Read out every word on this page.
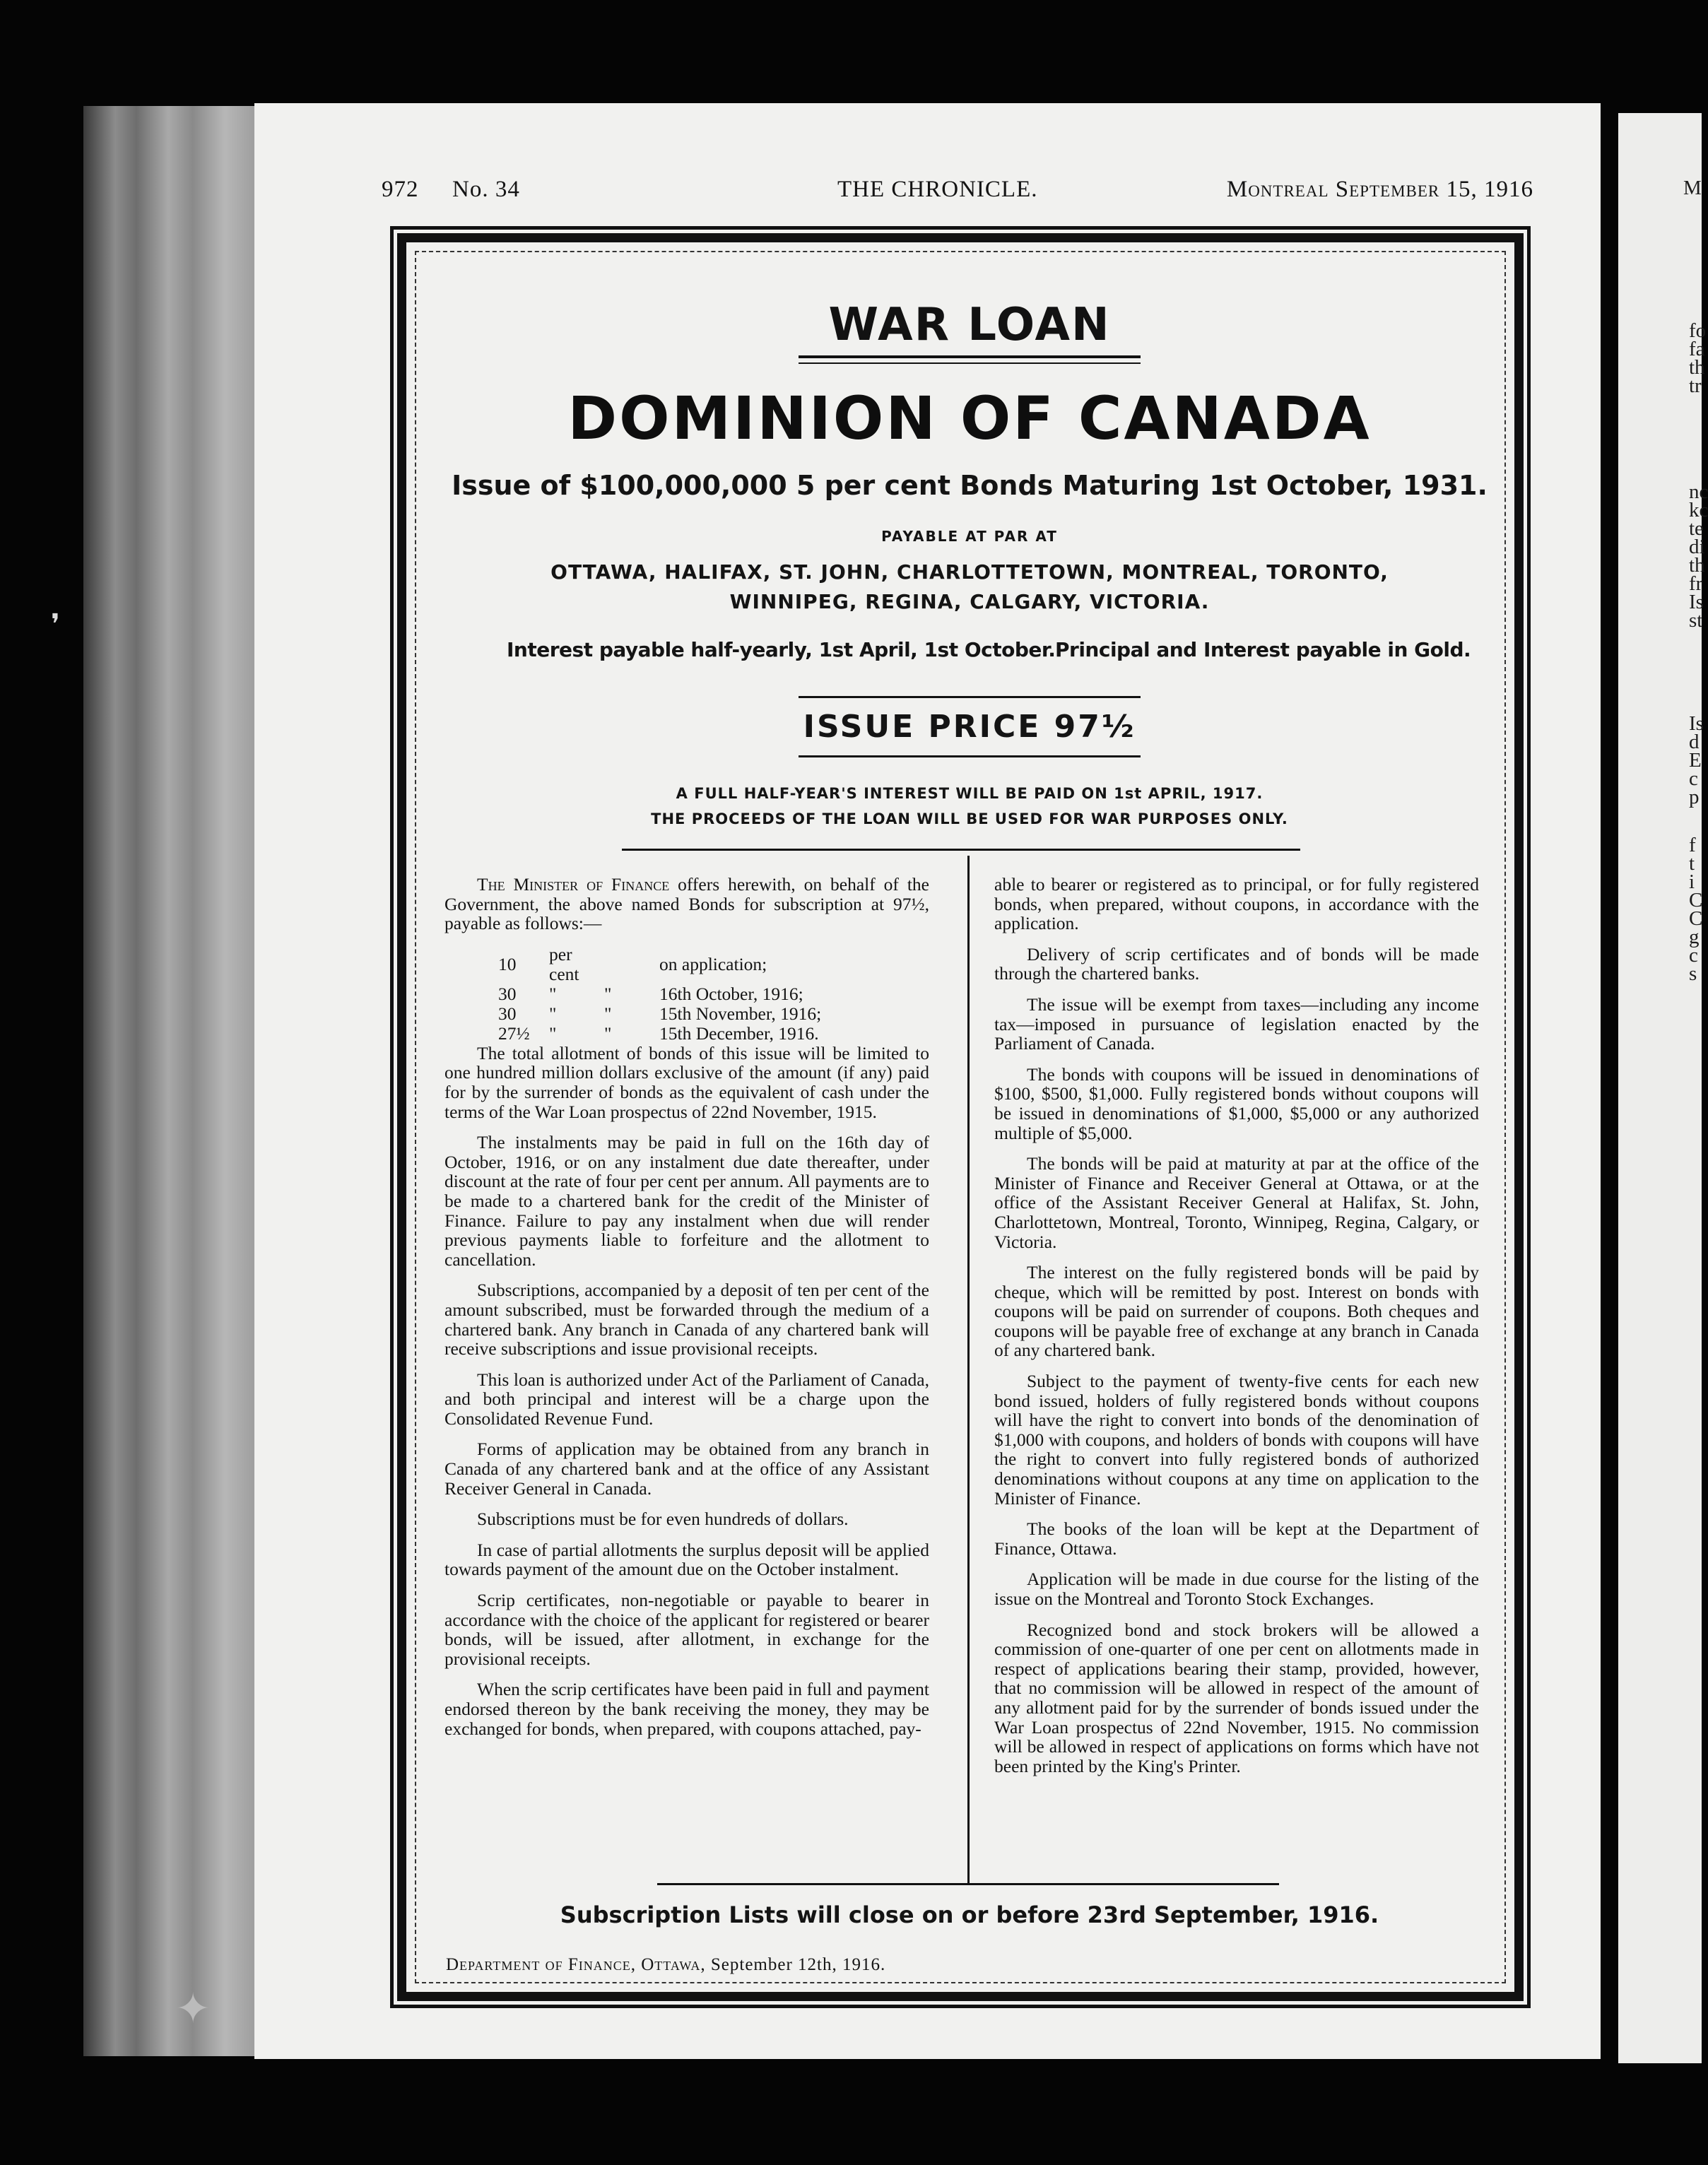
❜
✦
M
fo
fa
th
tr
nc
kc
te
di
th
fr
Is
st
Is
d
E
c
p
f
t
i
C
C
g
c
s
972 No. 34	THE CHRONICLE.	Montreal September 15, 1916
WAR LOAN
DOMINION OF CANADA
Issue of $100,000,000 5 per cent Bonds Maturing 1st October, 1931.
PAYABLE AT PAR AT
OTTAWA, HALIFAX, ST. JOHN, CHARLOTTETOWN, MONTREAL, TORONTO,
WINNIPEG, REGINA, CALGARY, VICTORIA.
Interest payable half-yearly, 1st April, 1st October. Principal and Interest payable in Gold.
ISSUE PRICE 97½
A FULL HALF-YEAR'S INTEREST WILL BE PAID ON 1st APRIL, 1917.
THE PROCEEDS OF THE LOAN WILL BE USED FOR WAR PURPOSES ONLY.

The Minister of Finance offers herewith, on behalf of the Government, the above named Bonds for subscription at 97½, payable as follows:—

10	per cent		on application;
30	"	"	16th October, 1916;
30	"	"	15th November, 1916;
27½	"	"	15th December, 1916.

The total allotment of bonds of this issue will be limited to one hundred million dollars exclusive of the amount (if any) paid for by the surrender of bonds as the equivalent of cash under the terms of the War Loan prospectus of 22nd November, 1915.

The instalments may be paid in full on the 16th day of October, 1916, or on any instalment due date thereafter, under discount at the rate of four per cent per annum. All payments are to be made to a chartered bank for the credit of the Minister of Finance. Failure to pay any instalment when due will render previous payments liable to forfeiture and the allotment to cancellation.

Subscriptions, accompanied by a deposit of ten per cent of the amount subscribed, must be forwarded through the medium of a chartered bank. Any branch in Canada of any chartered bank will receive subscriptions and issue provisional receipts.

This loan is authorized under Act of the Parliament of Canada, and both principal and interest will be a charge upon the Consolidated Revenue Fund.

Forms of application may be obtained from any branch in Canada of any chartered bank and at the office of any Assistant Receiver General in Canada.

Subscriptions must be for even hundreds of dollars.

In case of partial allotments the surplus deposit will be applied towards payment of the amount due on the October instalment.

Scrip certificates, non-negotiable or payable to bearer in accordance with the choice of the applicant for registered or bearer bonds, will be issued, after allotment, in exchange for the provisional receipts.

When the scrip certificates have been paid in full and payment endorsed thereon by the bank receiving the money, they may be exchanged for bonds, when prepared, with coupons attached, pay-

able to bearer or registered as to principal, or for fully registered bonds, when prepared, without coupons, in accordance with the application.

Delivery of scrip certificates and of bonds will be made through the chartered banks.

The issue will be exempt from taxes—including any income tax—imposed in pursuance of legislation enacted by the Parliament of Canada.

The bonds with coupons will be issued in denominations of $100, $500, $1,000. Fully registered bonds without coupons will be issued in denominations of $1,000, $5,000 or any authorized multiple of $5,000.

The bonds will be paid at maturity at par at the office of the Minister of Finance and Receiver General at Ottawa, or at the office of the Assistant Receiver General at Halifax, St. John, Charlottetown, Montreal, Toronto, Winnipeg, Regina, Calgary, or Victoria.

The interest on the fully registered bonds will be paid by cheque, which will be remitted by post. Interest on bonds with coupons will be paid on surrender of coupons. Both cheques and coupons will be payable free of exchange at any branch in Canada of any chartered bank.

Subject to the payment of twenty-five cents for each new bond issued, holders of fully registered bonds without coupons will have the right to convert into bonds of the denomination of $1,000 with coupons, and holders of bonds with coupons will have the right to convert into fully registered bonds of authorized denominations without coupons at any time on application to the Minister of Finance.

The books of the loan will be kept at the Department of Finance, Ottawa.

Application will be made in due course for the listing of the issue on the Montreal and Toronto Stock Exchanges.

Recognized bond and stock brokers will be allowed a commission of one-quarter of one per cent on allotments made in respect of applications bearing their stamp, provided, however, that no commission will be allowed in respect of the amount of any allotment paid for by the surrender of bonds issued under the War Loan prospectus of 22nd November, 1915. No commission will be allowed in respect of applications on forms which have not been printed by the King's Printer.

Subscription Lists will close on or before 23rd September, 1916.
Department of Finance, Ottawa, September 12th, 1916.
